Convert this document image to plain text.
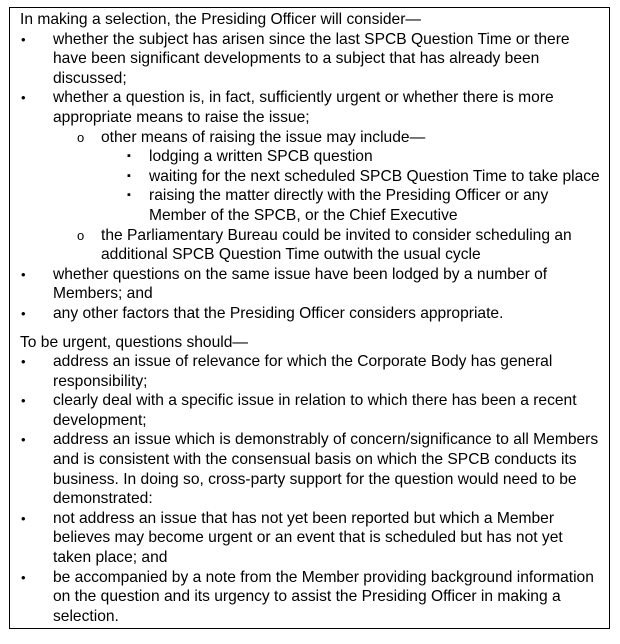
In making a selection, the Presiding Officer will consider—

• whether the subject has arisen since the last SPCB Question Time or there have been significant developments to a subject that has already been discussed;
• whether a question is, in fact, sufficiently urgent or whether there is more appropriate means to raise the issue;
o other means of raising the issue may include—
▪ lodging a written SPCB question
▪ waiting for the next scheduled SPCB Question Time to take place
▪ raising the matter directly with the Presiding Officer or any Member of the SPCB, or the Chief Executive
o the Parliamentary Bureau could be invited to consider scheduling an additional SPCB Question Time outwith the usual cycle
• whether questions on the same issue have been lodged by a number of Members; and
• any other factors that the Presiding Officer considers appropriate.

To be urgent, questions should—

• address an issue of relevance for which the Corporate Body has general responsibility;
• clearly deal with a specific issue in relation to which there has been a recent development;
• address an issue which is demonstrably of concern/significance to all Members and is consistent with the consensual basis on which the SPCB conducts its business. In doing so, cross-party support for the question would need to be demonstrated:
• not address an issue that has not yet been reported but which a Member believes may become urgent or an event that is scheduled but has not yet taken place; and
• be accompanied by a note from the Member providing background information on the question and its urgency to assist the Presiding Officer in making a selection.
